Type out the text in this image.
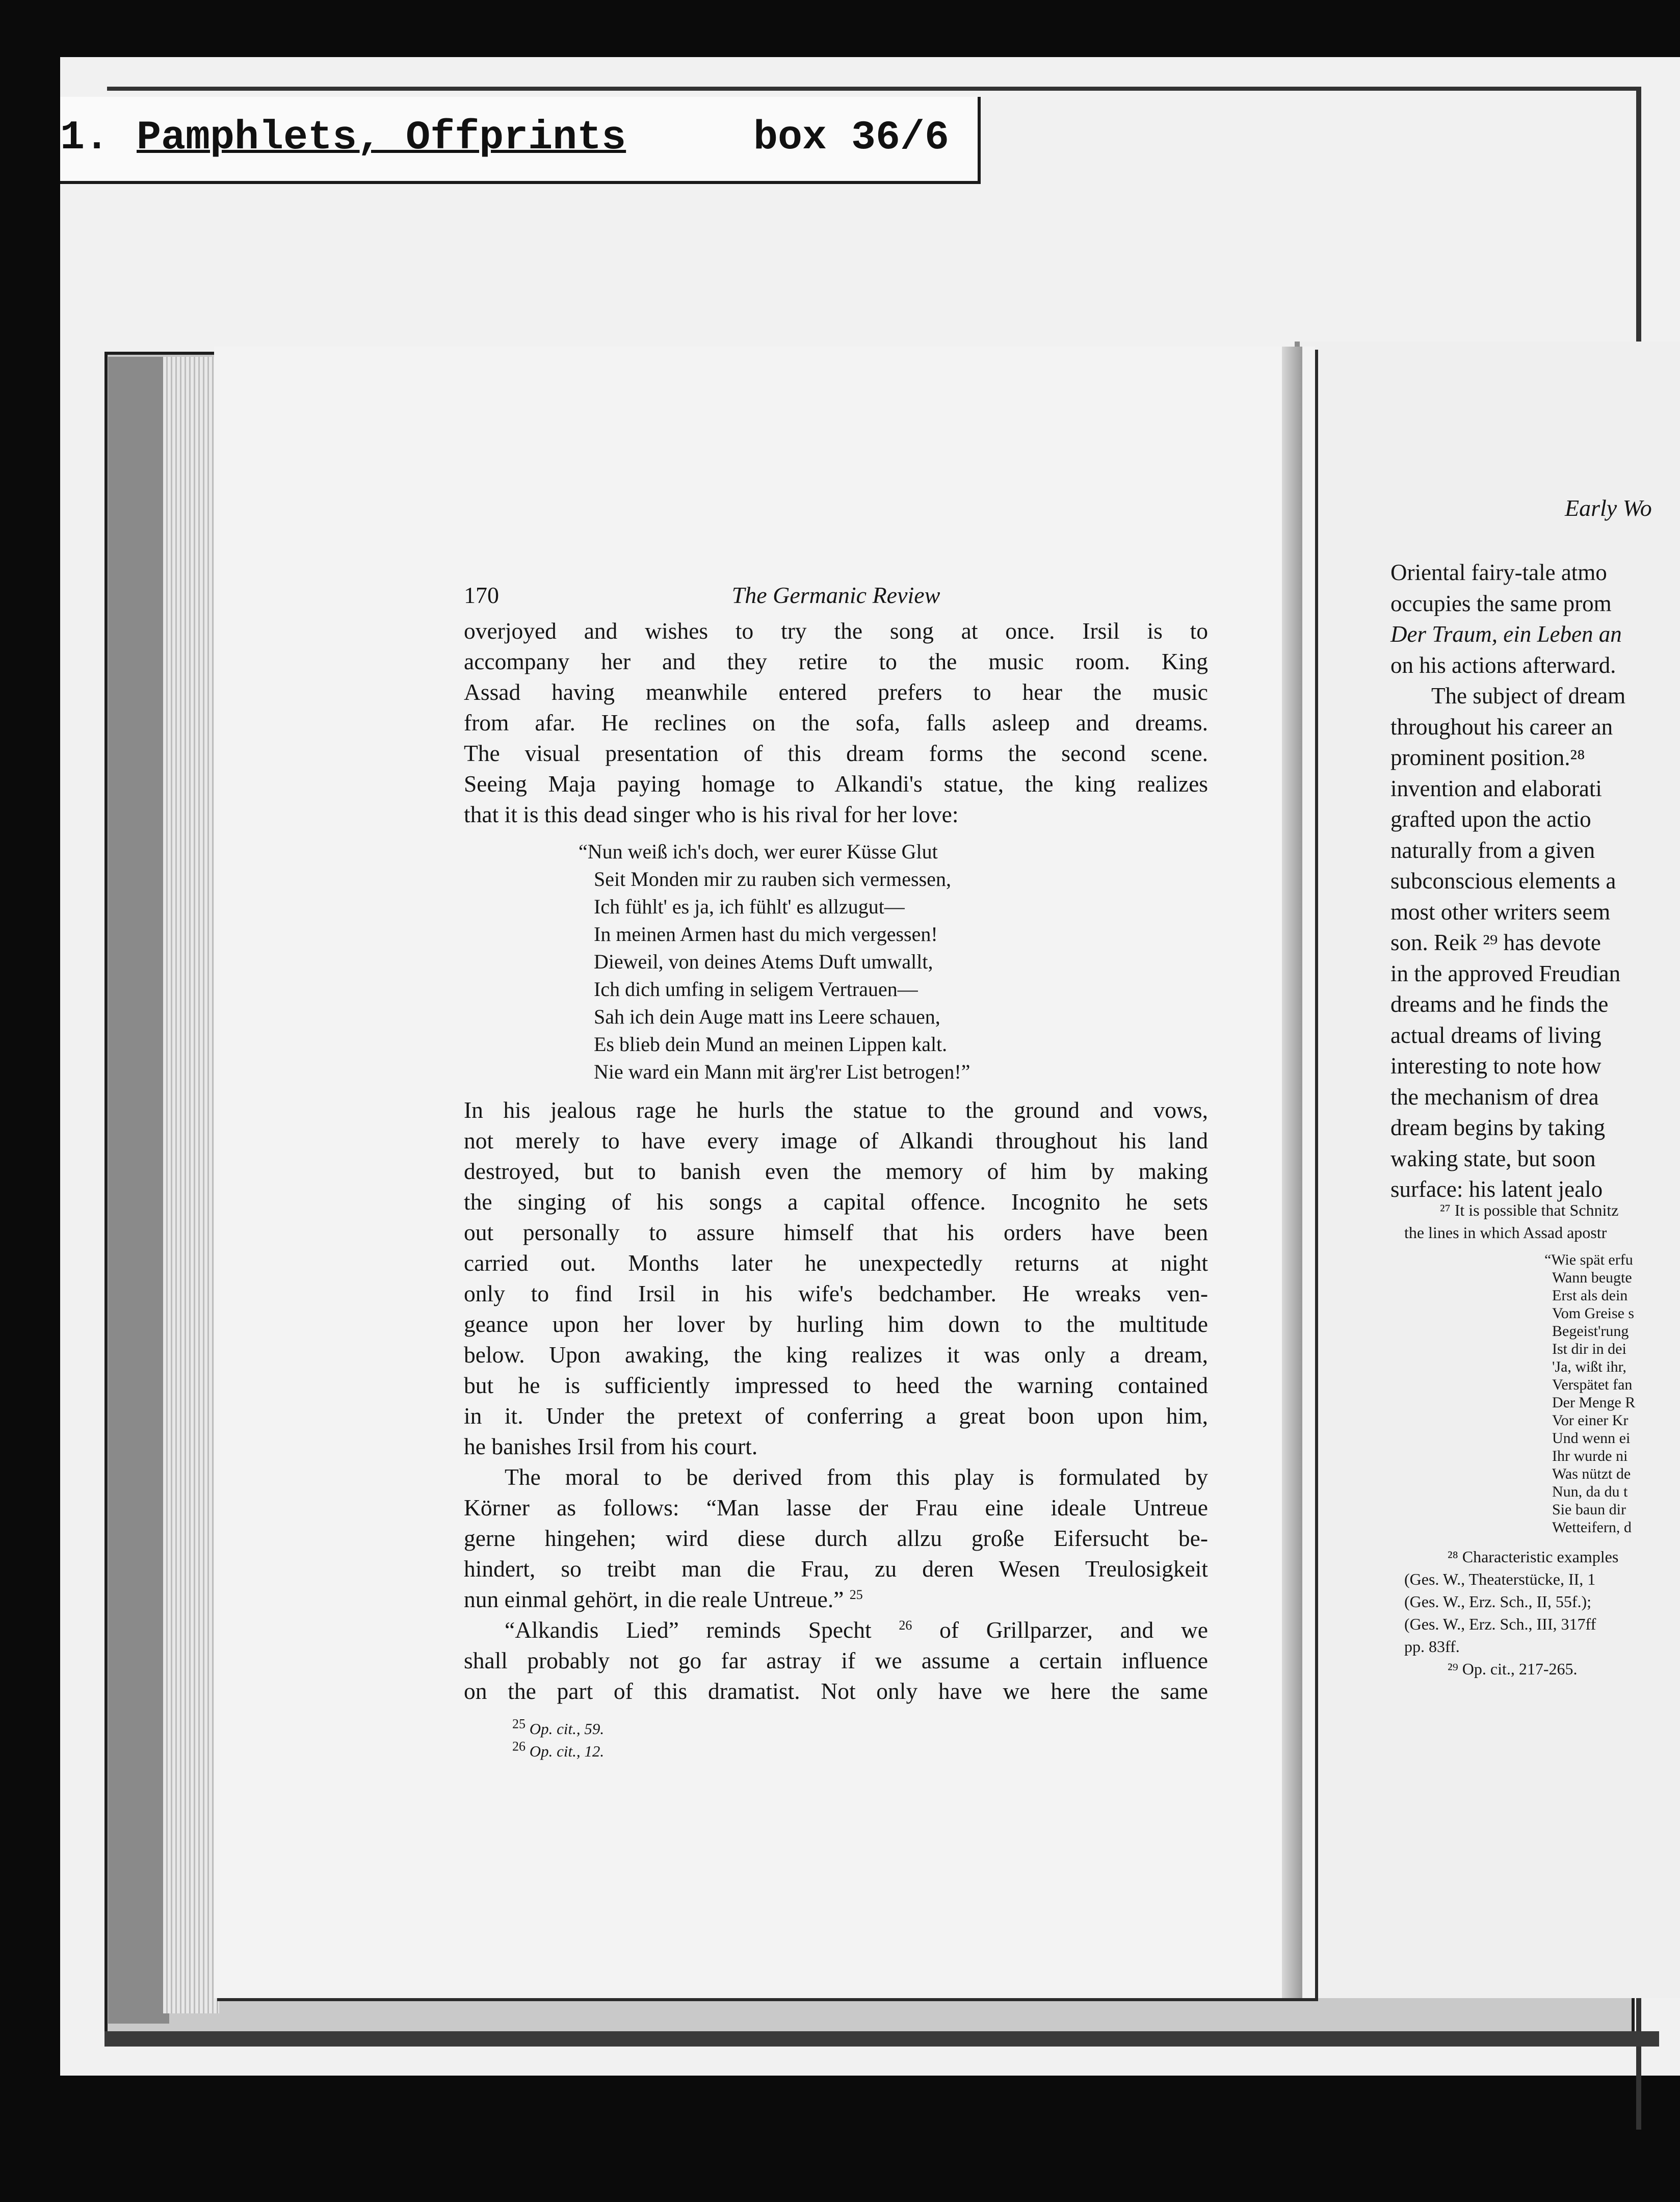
1.

Pamphlets, Offprints

	box 36/6

170	The Germanic Review
overjoyed and wishes to try the song at once. Irsil is to
accompany her and they retire to the music room. King
Assad having meanwhile entered prefers to hear the music
from afar. He reclines on the sofa, falls asleep and dreams.
The visual presentation of this dream forms the second scene.
Seeing Maja paying homage to Alkandi's statue, the king realizes
that it is this dead singer who is his rival for her love:
“Nun weiß ich's doch, wer eurer Küsse Glut
Seit Monden mir zu rauben sich vermessen,
Ich fühlt' es ja, ich fühlt' es allzugut—
In meinen Armen hast du mich vergessen!
Dieweil, von deines Atems Duft umwallt,
Ich dich umfing in seligem Vertrauen—
Sah ich dein Auge matt ins Leere schauen,
Es blieb dein Mund an meinen Lippen kalt.
Nie ward ein Mann mit ärg'rer List betrogen!”
In his jealous rage he hurls the statue to the ground and vows,
not merely to have every image of Alkandi throughout his land
destroyed, but to banish even the memory of him by making
the singing of his songs a capital offence. Incognito he sets
out personally to assure himself that his orders have been
carried out. Months later he unexpectedly returns at night
only to find Irsil in his wife's bedchamber. He wreaks ven-
geance upon her lover by hurling him down to the multitude
below. Upon awaking, the king realizes it was only a dream,
but he is sufficiently impressed to heed the warning contained
in it. Under the pretext of conferring a great boon upon him,
he banishes Irsil from his court.
The moral to be derived from this play is formulated by
Körner as follows: “Man lasse der Frau eine ideale Untreue
gerne hingehen; wird diese durch allzu große Eifersucht be-
hindert, so treibt man die Frau, zu deren Wesen Treulosigkeit
nun einmal gehört, in die reale Untreue.” $^{25}$
“Alkandis Lied” reminds Specht $^{26}$ of Grillparzer, and we
shall probably not go far astray if we assume a certain influence
on the part of this dramatist. Not only have we here the same
$^{25}$ Op. cit., 59.
$^{26}$ Op. cit., 12.
Early Wo
Oriental fairy-tale atmo
occupies the same prom
Der Traum, ein Leben an
on his actions afterward.
The subject of dream
throughout his career an
prominent position.²⁸
invention and elaborati
grafted upon the actio
naturally from a given
subconscious elements a
most other writers seem
son. Reik ²⁹ has devote
in the approved Freudian
dreams and he finds the
actual dreams of living
interesting to note how
the mechanism of drea
dream begins by taking
waking state, but soon
surface: his latent jealo
²⁷ It is possible that Schnitz
the lines in which Assad apostr
“Wie spät erfu
Wann beugte
Erst als dein
Vom Greise s
Begeist'rung
Ist dir in dei
'Ja, wißt ihr,
Verspätet fan
Der Menge R
Vor einer Kr
Und wenn ei
Ihr wurde ni
Was nützt de
Nun, da du t
Sie baun dir
Wetteifern, d
²⁸ Characteristic examples
(Ges. W., Theaterstücke, II, 1
(Ges. W., Erz. Sch., II, 55f.);
(Ges. W., Erz. Sch., III, 317ff
pp. 83ff.
²⁹ Op. cit., 217-265.
